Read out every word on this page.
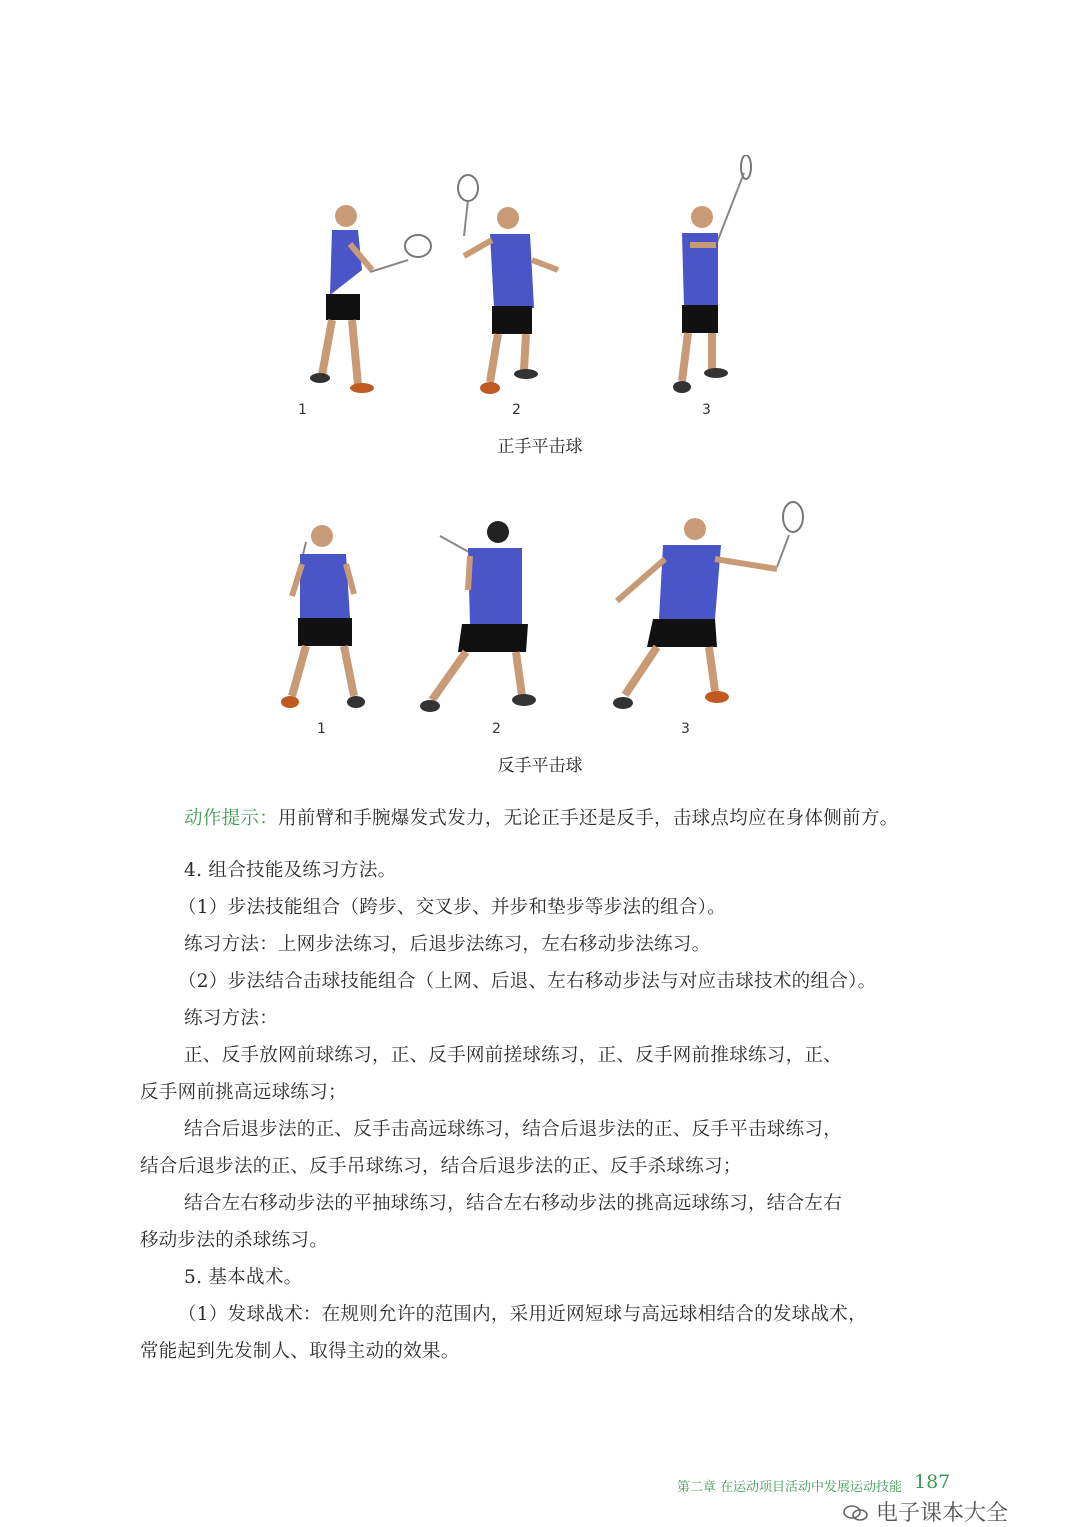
1	2	3
正手平击球
1	2	3
反手平击球
动作提示：用前臂和手腕爆发式发力，无论正手还是反手，击球点均应在身体侧前方。
4. 组合技能及练习方法。
（1）步法技能组合（跨步、交叉步、并步和垫步等步法的组合）。
练习方法：上网步法练习，后退步法练习，左右移动步法练习。
（2）步法结合击球技能组合（上网、后退、左右移动步法与对应击球技术的组合）。
练习方法：
正、反手放网前球练习，正、反手网前搓球练习，正、反手网前推球练习，正、
反手网前挑高远球练习；
结合后退步法的正、反手击高远球练习，结合后退步法的正、反手平击球练习，
结合后退步法的正、反手吊球练习，结合后退步法的正、反手杀球练习；
结合左右移动步法的平抽球练习，结合左右移动步法的挑高远球练习，结合左右
移动步法的杀球练习。
5. 基本战术。
（1）发球战术：在规则允许的范围内，采用近网短球与高远球相结合的发球战术，
常能起到先发制人、取得主动的效果。
第二章 在运动项目活动中发展运动技能 187
电子课本大全
